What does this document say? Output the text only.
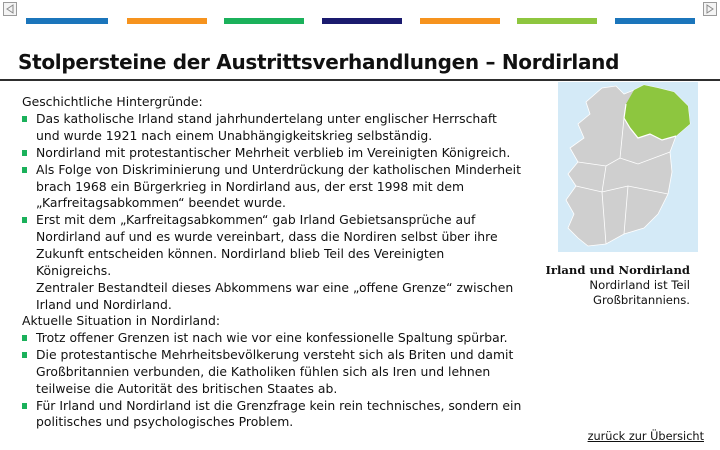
Stolpersteine der Austrittsverhandlungen – Nordirland
Geschichtliche Hintergründe:
Das katholische Irland stand jahrhundertelang unter englischer Herrschaft und wurde 1921 nach einem Unabhängigkeitskrieg selbständig.
Nordirland mit protestantischer Mehrheit verblieb im Vereinigten Königreich.
Als Folge von Diskriminierung und Unterdrückung der katholischen Minderheit brach 1968 ein Bürgerkrieg in Nordirland aus, der erst 1998 mit dem „Karfreitagsabkommen“ beendet wurde.
Erst mit dem „Karfreitagsabkommen“ gab Irland Gebietsansprüche auf Nordirland auf und es wurde vereinbart, dass die Nordiren selbst über ihre Zukunft entscheiden können. Nordirland blieb Teil des Vereinigten Königreichs.
Zentraler Bestandteil dieses Abkommens war eine „offene Grenze“ zwischen Irland und Nordirland.
Aktuelle Situation in Nordirland:
Trotz offener Grenzen ist nach wie vor eine konfessionelle Spaltung spürbar.
Die protestantische Mehrheitsbevölkerung versteht sich als Briten und damit Großbritannien verbunden, die Katholiken fühlen sich als Iren und lehnen teilweise die Autorität des britischen Staates ab.
Für Irland und Nordirland ist die Grenzfrage kein rein technisches, sondern ein politisches und psychologisches Problem.
Irland und Nordirland
Nordirland ist Teil Großbritanniens.
zurück zur Übersicht
